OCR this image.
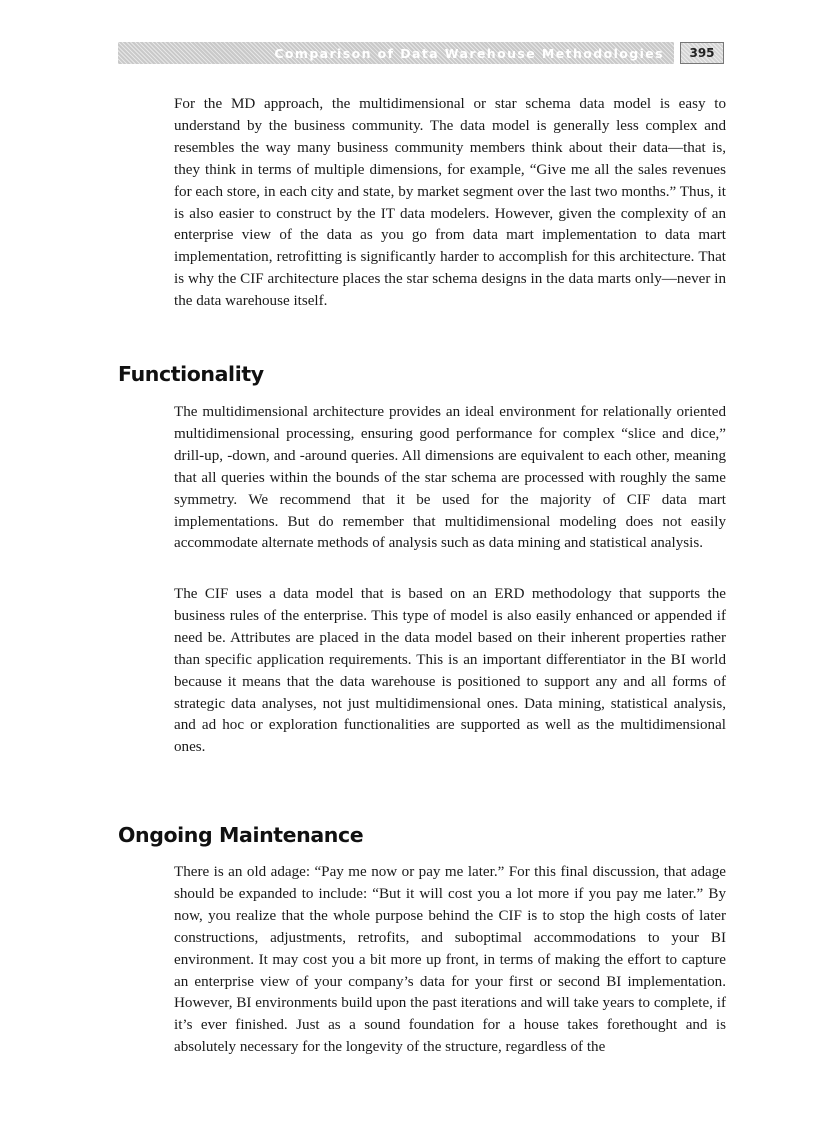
Comparison of Data Warehouse Methodologies 395

For the MD approach, the multidimensional or star schema data model is easy to understand by the business community. The data model is generally less complex and resembles the way many business community members think about their data—that is, they think in terms of multiple dimensions, for example, “Give me all the sales revenues for each store, in each city and state, by market segment over the last two months.” Thus, it is also easier to construct by the IT data modelers. However, given the complexity of an enterprise view of the data as you go from data mart implementation to data mart implementation, retrofitting is significantly harder to accomplish for this architecture. That is why the CIF architecture places the star schema designs in the data marts only—never in the data warehouse itself.

Functionality

The multidimensional architecture provides an ideal environment for relationally oriented multidimensional processing, ensuring good performance for complex “slice and dice,” drill-up, -down, and -around queries. All dimensions are equivalent to each other, meaning that all queries within the bounds of the star schema are processed with roughly the same symmetry. We recommend that it be used for the majority of CIF data mart implementations. But do remember that multidimensional modeling does not easily accommodate alternate methods of analysis such as data mining and statistical analysis.

The CIF uses a data model that is based on an ERD methodology that supports the business rules of the enterprise. This type of model is also easily enhanced or appended if need be. Attributes are placed in the data model based on their inherent properties rather than specific application requirements. This is an important differentiator in the BI world because it means that the data warehouse is positioned to support any and all forms of strategic data analyses, not just multidimensional ones. Data mining, statistical analysis, and ad hoc or exploration functionalities are supported as well as the multidimensional ones.

Ongoing Maintenance

There is an old adage: “Pay me now or pay me later.” For this final discussion, that adage should be expanded to include: “But it will cost you a lot more if you pay me later.” By now, you realize that the whole purpose behind the CIF is to stop the high costs of later constructions, adjustments, retrofits, and suboptimal accommodations to your BI environment. It may cost you a bit more up front, in terms of making the effort to capture an enterprise view of your company’s data for your first or second BI implementation. However, BI environments build upon the past iterations and will take years to complete, if it’s ever finished. Just as a sound foundation for a house takes forethought and is absolutely necessary for the longevity of the structure, regardless of the
